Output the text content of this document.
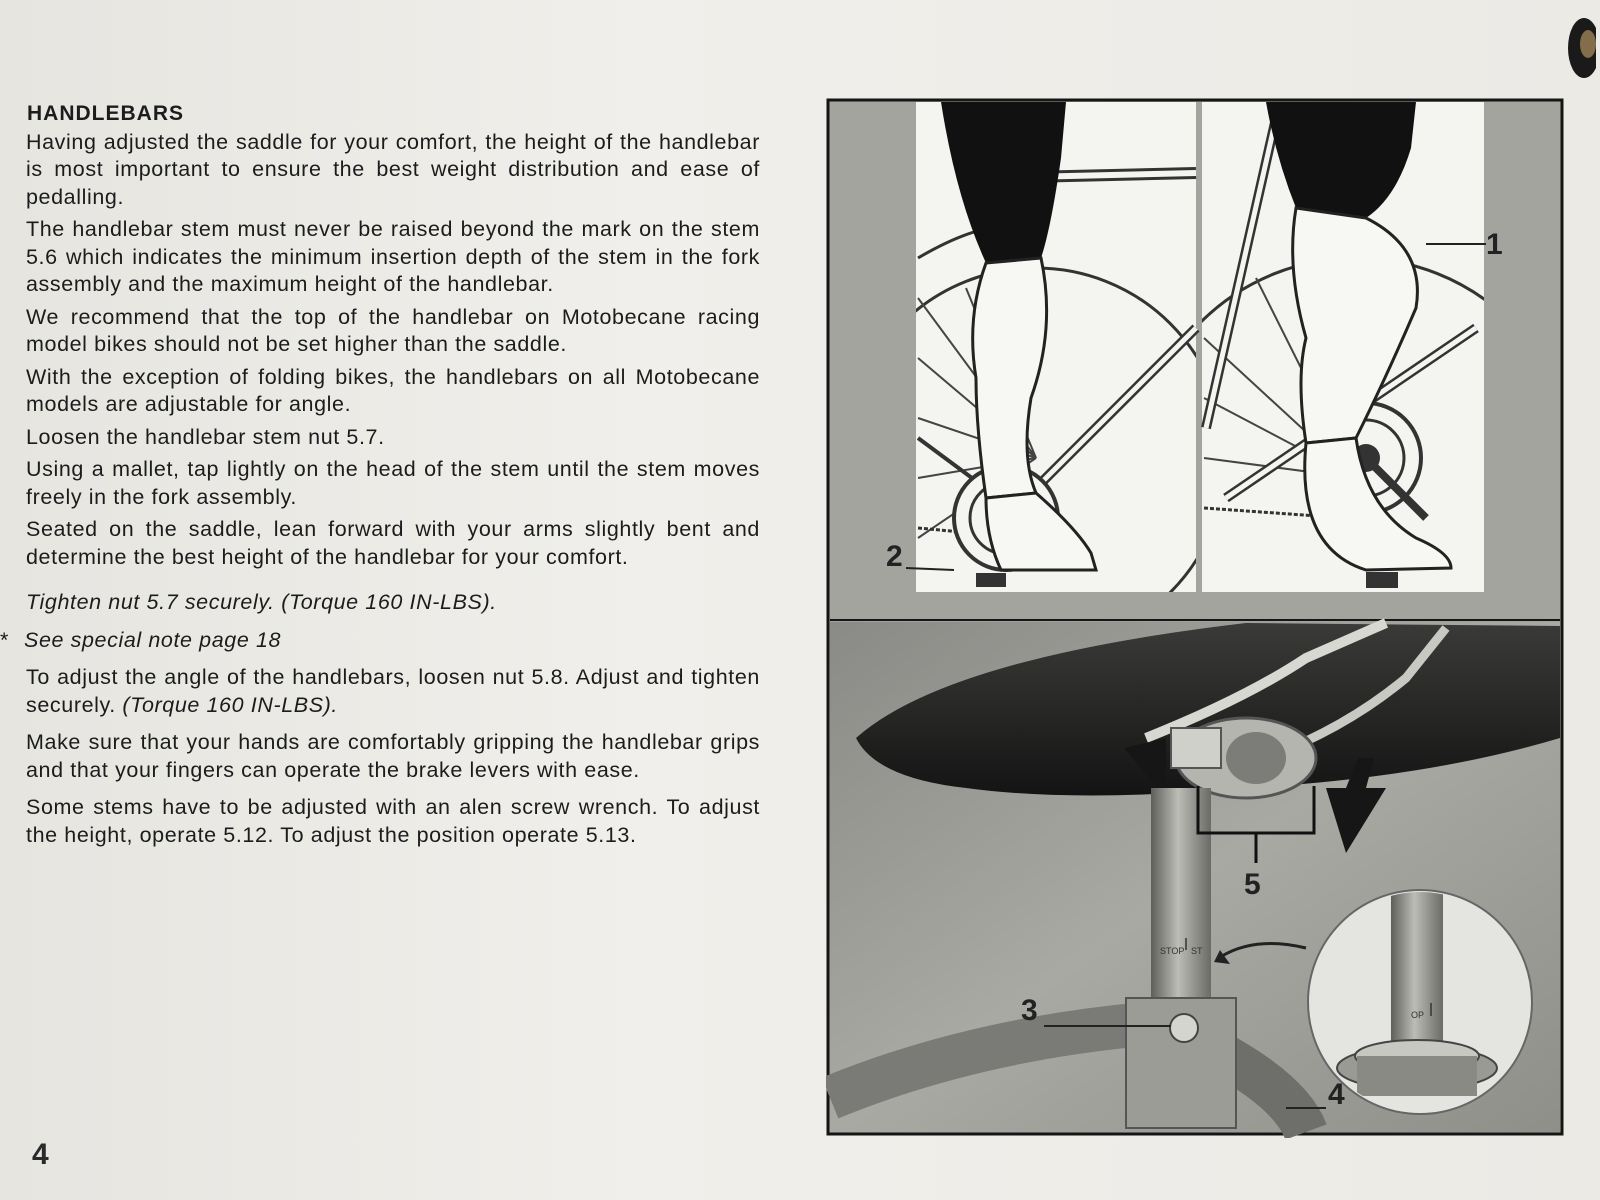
HANDLEBARS

Having adjusted the saddle for your comfort, the height of the handlebar is most important to ensure the best weight distribution and ease of pedalling.

The handlebar stem must never be raised beyond the mark on the stem 5.6 which indicates the minimum insertion depth of the stem in the fork assembly and the maximum height of the handlebar.

We recommend that the top of the handlebar on Motobecane racing model bikes should not be set higher than the saddle.

With the exception of folding bikes, the handlebars on all Motobecane models are adjustable for angle.

Loosen the handlebar stem nut 5.7.

Using a mallet, tap lightly on the head of the stem until the stem moves freely in the fork assembly.

Seated on the saddle, lean forward with your arms slightly bent and determine the best height of the handlebar for your comfort.

Tighten nut 5.7 securely. (Torque 160 IN-LBS).

* See special note page 18

To adjust the angle of the handlebars, loosen nut 5.8. Adjust and tighten securely. (Torque 160 IN-LBS).

Make sure that your hands are comfortably gripping the handlebar grips and that your fingers can operate the brake levers with ease.

Some stems have to be adjusted with an alen screw wrench. To adjust the height, operate 5.12. To adjust the position operate 5.13.

4
2
1
5
STOP ST
OP
3
4
